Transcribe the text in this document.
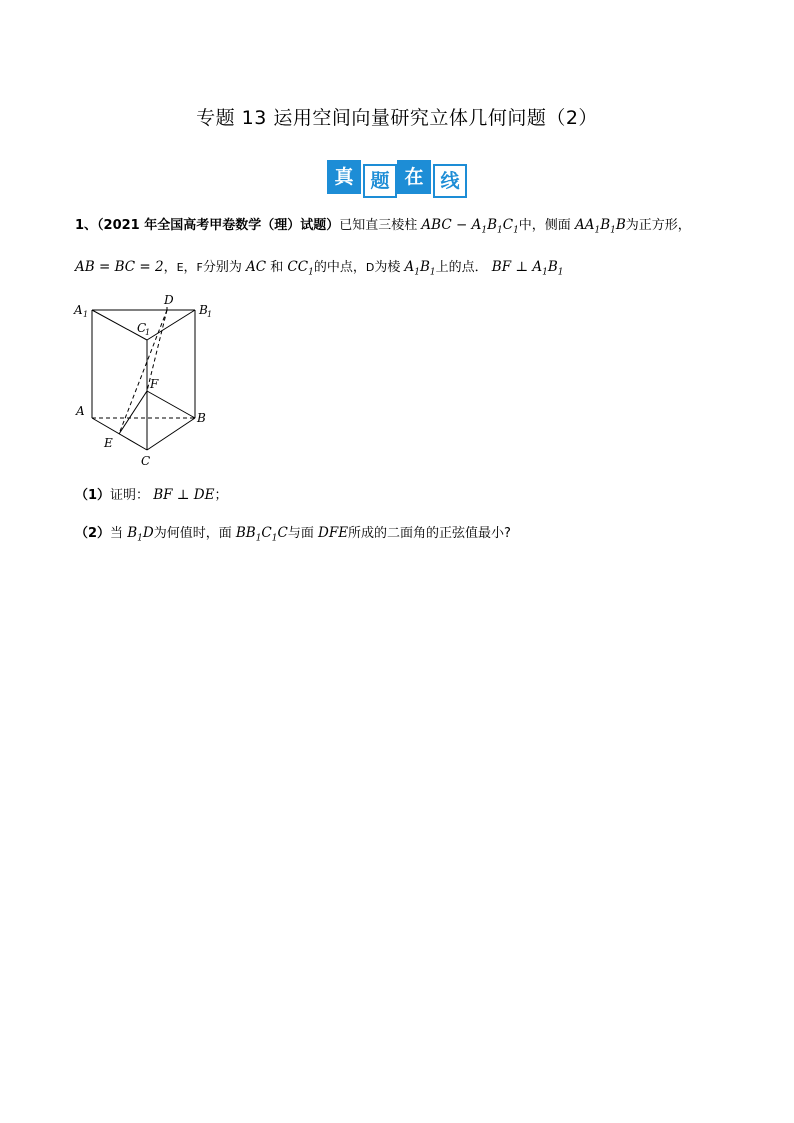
专题 13 运用空间向量研究立体几何问题（2）
真 题 在 线
1、（2021 年全国高考甲卷数学（理）试题）已知直三棱柱 ABC − $A_1B_1C_1$中，侧面 $AA_1B_1B$为正方形，
AB = BC = 2，E，F分别为 AC 和 $CC_1$的中点，D为棱 $A_1B_1$上的点． BF ⊥ $A_1B_1$
A 1	B 1
C
1
D
F
A	B
E
C
（1）证明： BF ⊥ DE；
（2）当 $B_1D$为何值时，面 $BB_1C_1C$与面 DFE所成的二面角的正弦值最小?
